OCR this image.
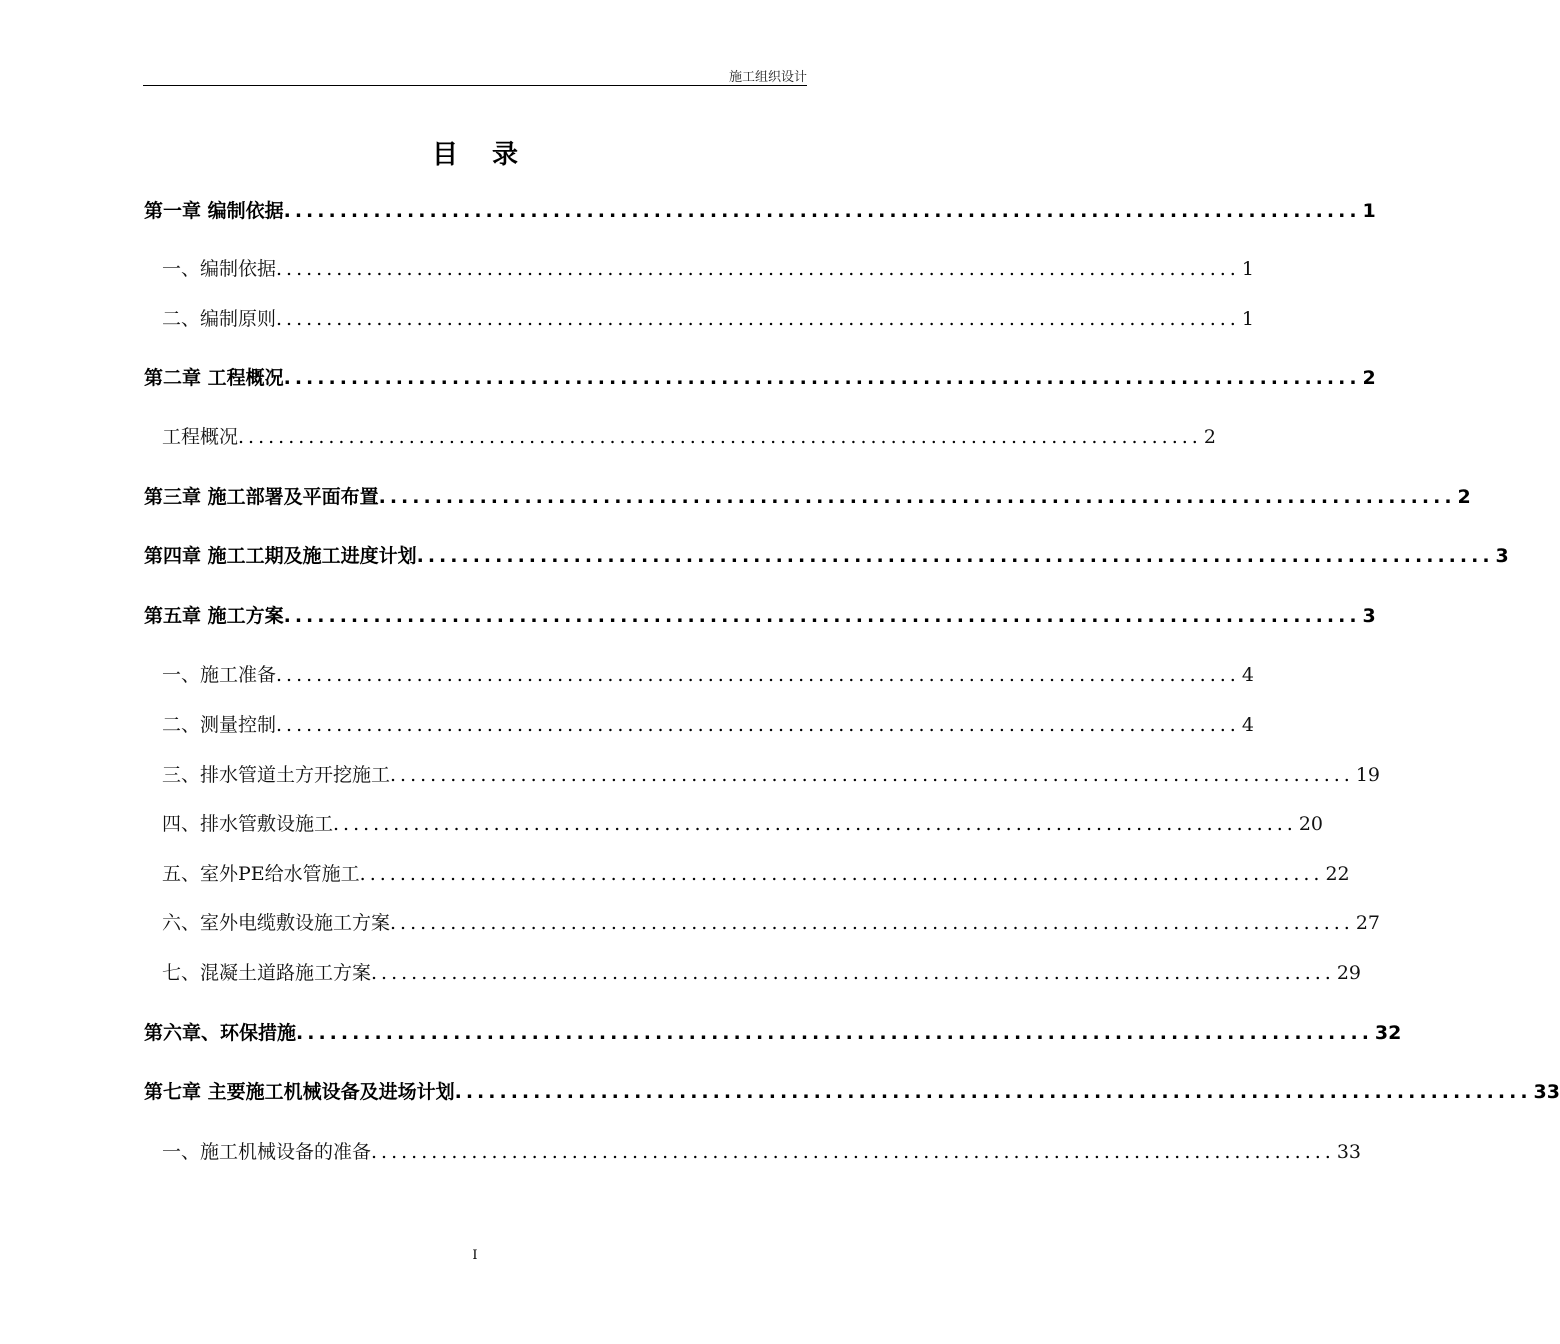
施工组织设计
目录
第一章 编制依据 ................................................................................................ 1
一、编制依据 ................................................................................................ 1
二、编制原则 ................................................................................................ 1
第二章 工程概况 ................................................................................................ 2
工程概况 ................................................................................................ 2
第三章 施工部署及平面布置 ................................................................................................ 2
第四章 施工工期及施工进度计划 ................................................................................................ 3
第五章 施工方案 ................................................................................................ 3
一、施工准备 ................................................................................................ 4
二、测量控制 ................................................................................................ 4
三、排水管道土方开挖施工 ................................................................................................ 19
四、排水管敷设施工 ................................................................................................ 20
五、室外PE给水管施工 ................................................................................................ 22
六、室外电缆敷设施工方案 ................................................................................................ 27
七、混凝土道路施工方案 ................................................................................................ 29
第六章、环保措施 ................................................................................................ 32
第七章 主要施工机械设备及进场计划 ................................................................................................ 33
一、施工机械设备的准备 ................................................................................................ 33
I
